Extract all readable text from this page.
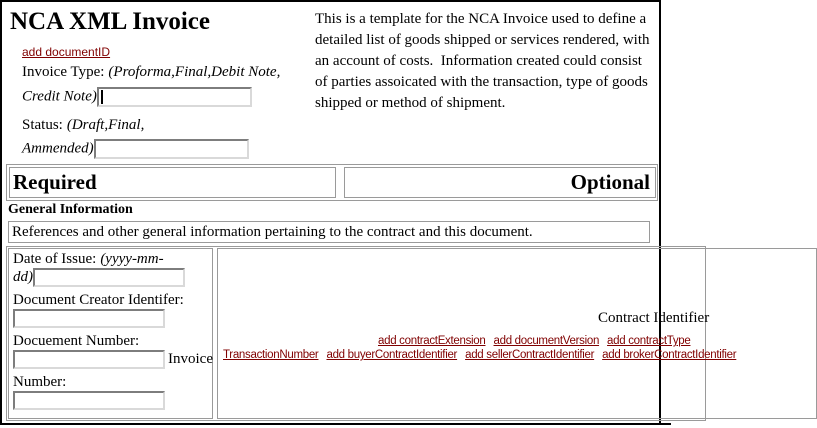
NCA XML Invoice
add documentID
Invoice Type: (Proforma,Final,Debit Note,
Credit Note)
Status: (Draft,Final,
Ammended)
This is a template for the NCA Invoice used to define a
detailed list of goods shipped or services rendered, with
an account of costs.  Information created could consist
of parties assoicated with the transaction, type of goods
shipped or method of shipment.
Required	Optional
General Information
References and other general information pertaining to the contract and this document.
Date of Issue: (yyyy-mm-
dd)
Document Creator Identifer:
Docuement Number:
Invoice
Number:
Contract Identifier
add contractExtension add documentVersion add contractType
TransactionNumber add buyerContractIdentifier add sellerContractIdentifier add brokerContractIdentifier
